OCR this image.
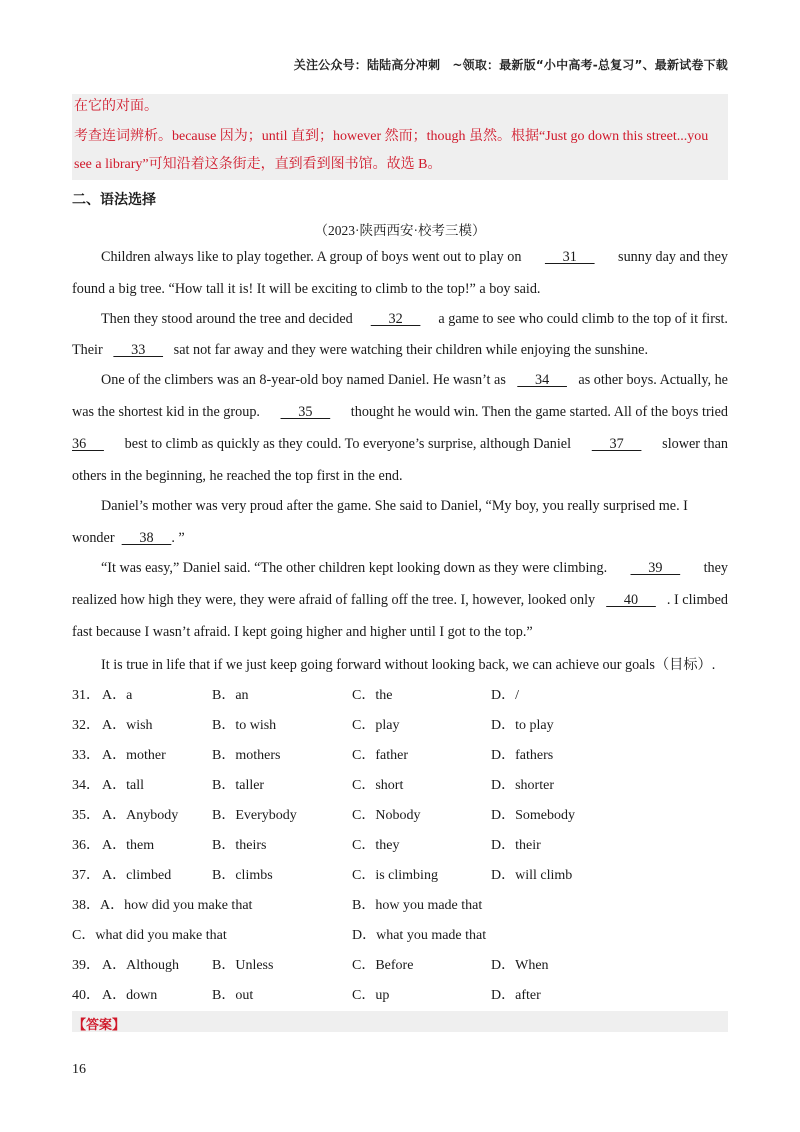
关注公众号：陆陆高分冲刺　~领取：最新版“小中高考-总复习”、最新试卷下载
在它的对面。
考查连词辨析。because 因为；until 直到；however 然而；though 虽然。根据“Just go down this street...you
see a library”可知沿着这条街走，直到看到图书馆。故选 B。
二、语法选择
（2023·陕西西安·校考三模）
Children always like to play together. A group of boys went out to play on 31 sunny day and they
found a big tree. “How tall it is! It will be exciting to climb to the top!” a boy said.
Then they stood around the tree and decided 32 a game to see who could climb to the top of it first.
Their        33        sat not far away and they were watching their children while enjoying the sunshine.
One of the climbers was an 8-year-old boy named Daniel. He wasn’t as 34 as other boys. Actually, he
was the shortest kid in the group. 35 thought he would win. Then the game started. All of the boys tried
36 best to climb as quickly as they could. To everyone’s surprise, although Daniel 37 slower than
others in the beginning, he reached the top first in the end.
Daniel’s mother was very proud after the game. She said to Daniel, “My boy, you really surprised me. I
wonder       38     . ”
“It was easy,” Daniel said. “The other children kept looking down as they were climbing. 39 they
realized how high they were, they were afraid of falling off the tree. I, however, looked only 40 . I climbed
fast because I wasn’t afraid. I kept going higher and higher until I got to the top.”
It is true in life that if we just keep going forward without looking back, we can achieve our goals（目标）.
31． A．a	B．an	C．the	D．/
32． A．wish	B．to wish	C．play	D．to play
33． A．mother	B．mothers	C．father	D．fathers
34． A．tall	B．taller	C．short	D．shorter
35． A．Anybody B．Everybody	C．Nobody	D．Somebody
36． A．them	B．theirs	C．they	D．their
37． A．climbed	B．climbs	C．is climbing	D．will climb
38．A．how did you make that	B．how you made that
C．what did you make that	D．what you made that
39． A．Although B．Unless	C．Before	D．When
40． A．down	B．out	C．up	D．after
【答案】
16
